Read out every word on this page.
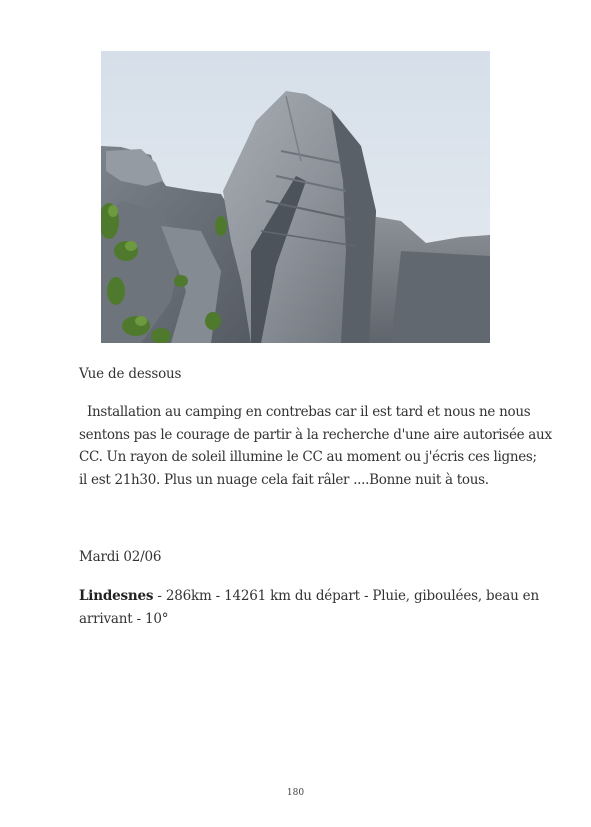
Vue de dessous
Installation au camping en contrebas car il est tard et nous ne nous
sentons pas le courage de partir à la recherche d'une aire autorisée aux
CC. Un rayon de soleil illumine le CC au moment ou j'écris ces lignes;
il est 21h30. Plus un nuage cela fait râler ....Bonne nuit à tous.
Mardi 02/06
Lindesnes - 286km - 14261 km du départ - Pluie, giboulées, beau en
arrivant - 10°
180
